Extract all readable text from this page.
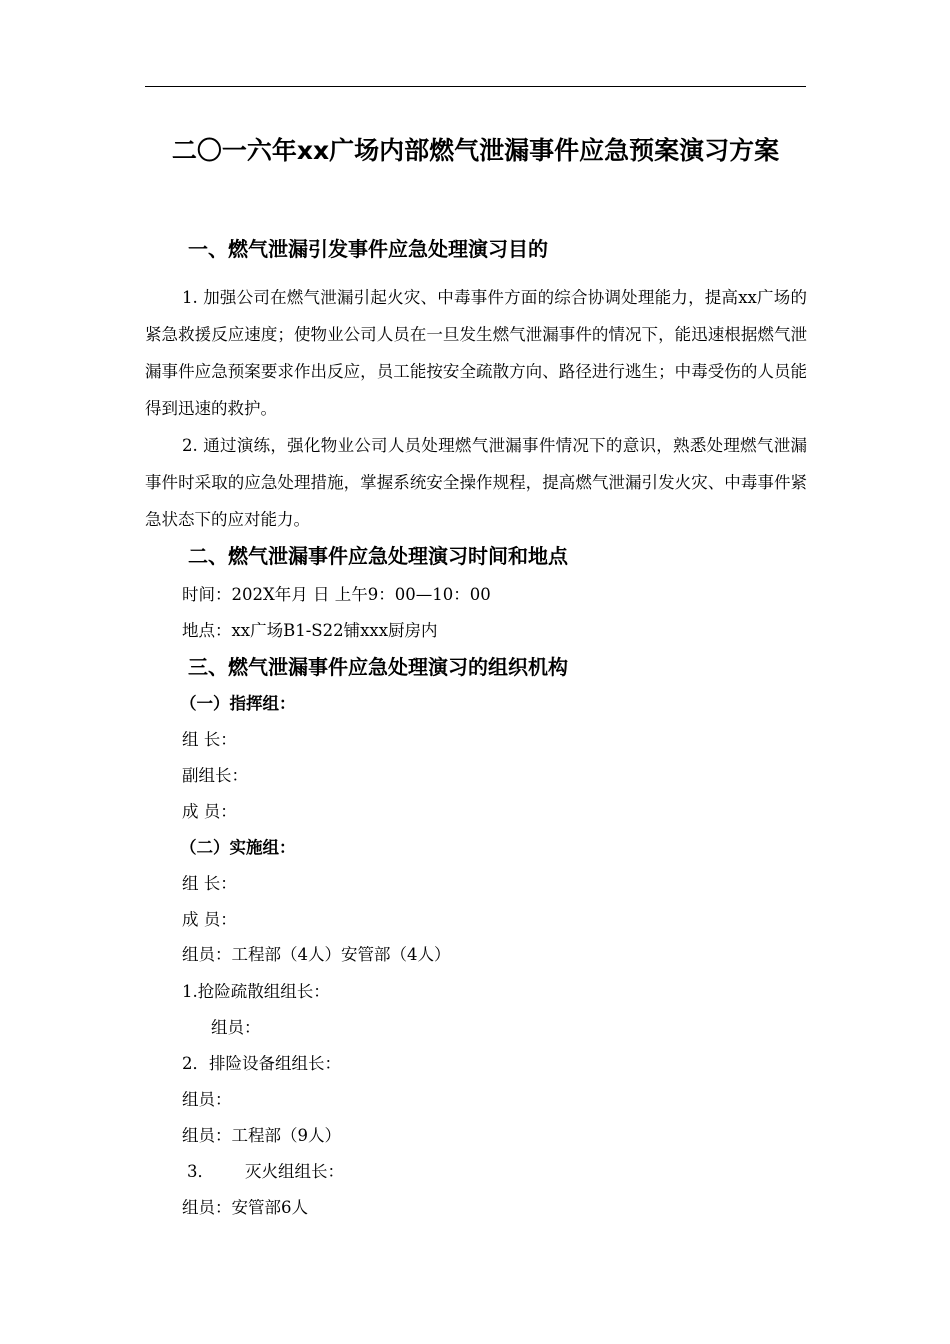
二〇一六年xx广场内部燃气泄漏事件应急预案演习方案
一、燃气泄漏引发事件应急处理演习目的

1. 加强公司在燃气泄漏引起火灾、中毒事件方面的综合协调处理能力，提高xx广场的紧急救援反应速度；使物业公司人员在一旦发生燃气泄漏事件的情况下，能迅速根据燃气泄漏事件应急预案要求作出反应，员工能按安全疏散方向、路径进行逃生；中毒受伤的人员能得到迅速的救护。

2. 通过演练，强化物业公司人员处理燃气泄漏事件情况下的意识，熟悉处理燃气泄漏事件时采取的应急处理措施，掌握系统安全操作规程，提高燃气泄漏引发火灾、中毒事件紧急状态下的应对能力。

二、燃气泄漏事件应急处理演习时间和地点
时间：202X年月 日 上午9：00—10：00
地点：xx广场B1-S22铺xxx厨房内
三、燃气泄漏事件应急处理演习的组织机构
（一）指挥组：
组 长：
副组长：
成 员：
（二）实施组：
组 长：
成 员：
组员：工程部（4人）安管部（4人）
1.抢险疏散组组长：
组员：
2．排险设备组组长：
组员：
组员：工程部（9人）
3． 灭火组组长：
组员：安管部6人
